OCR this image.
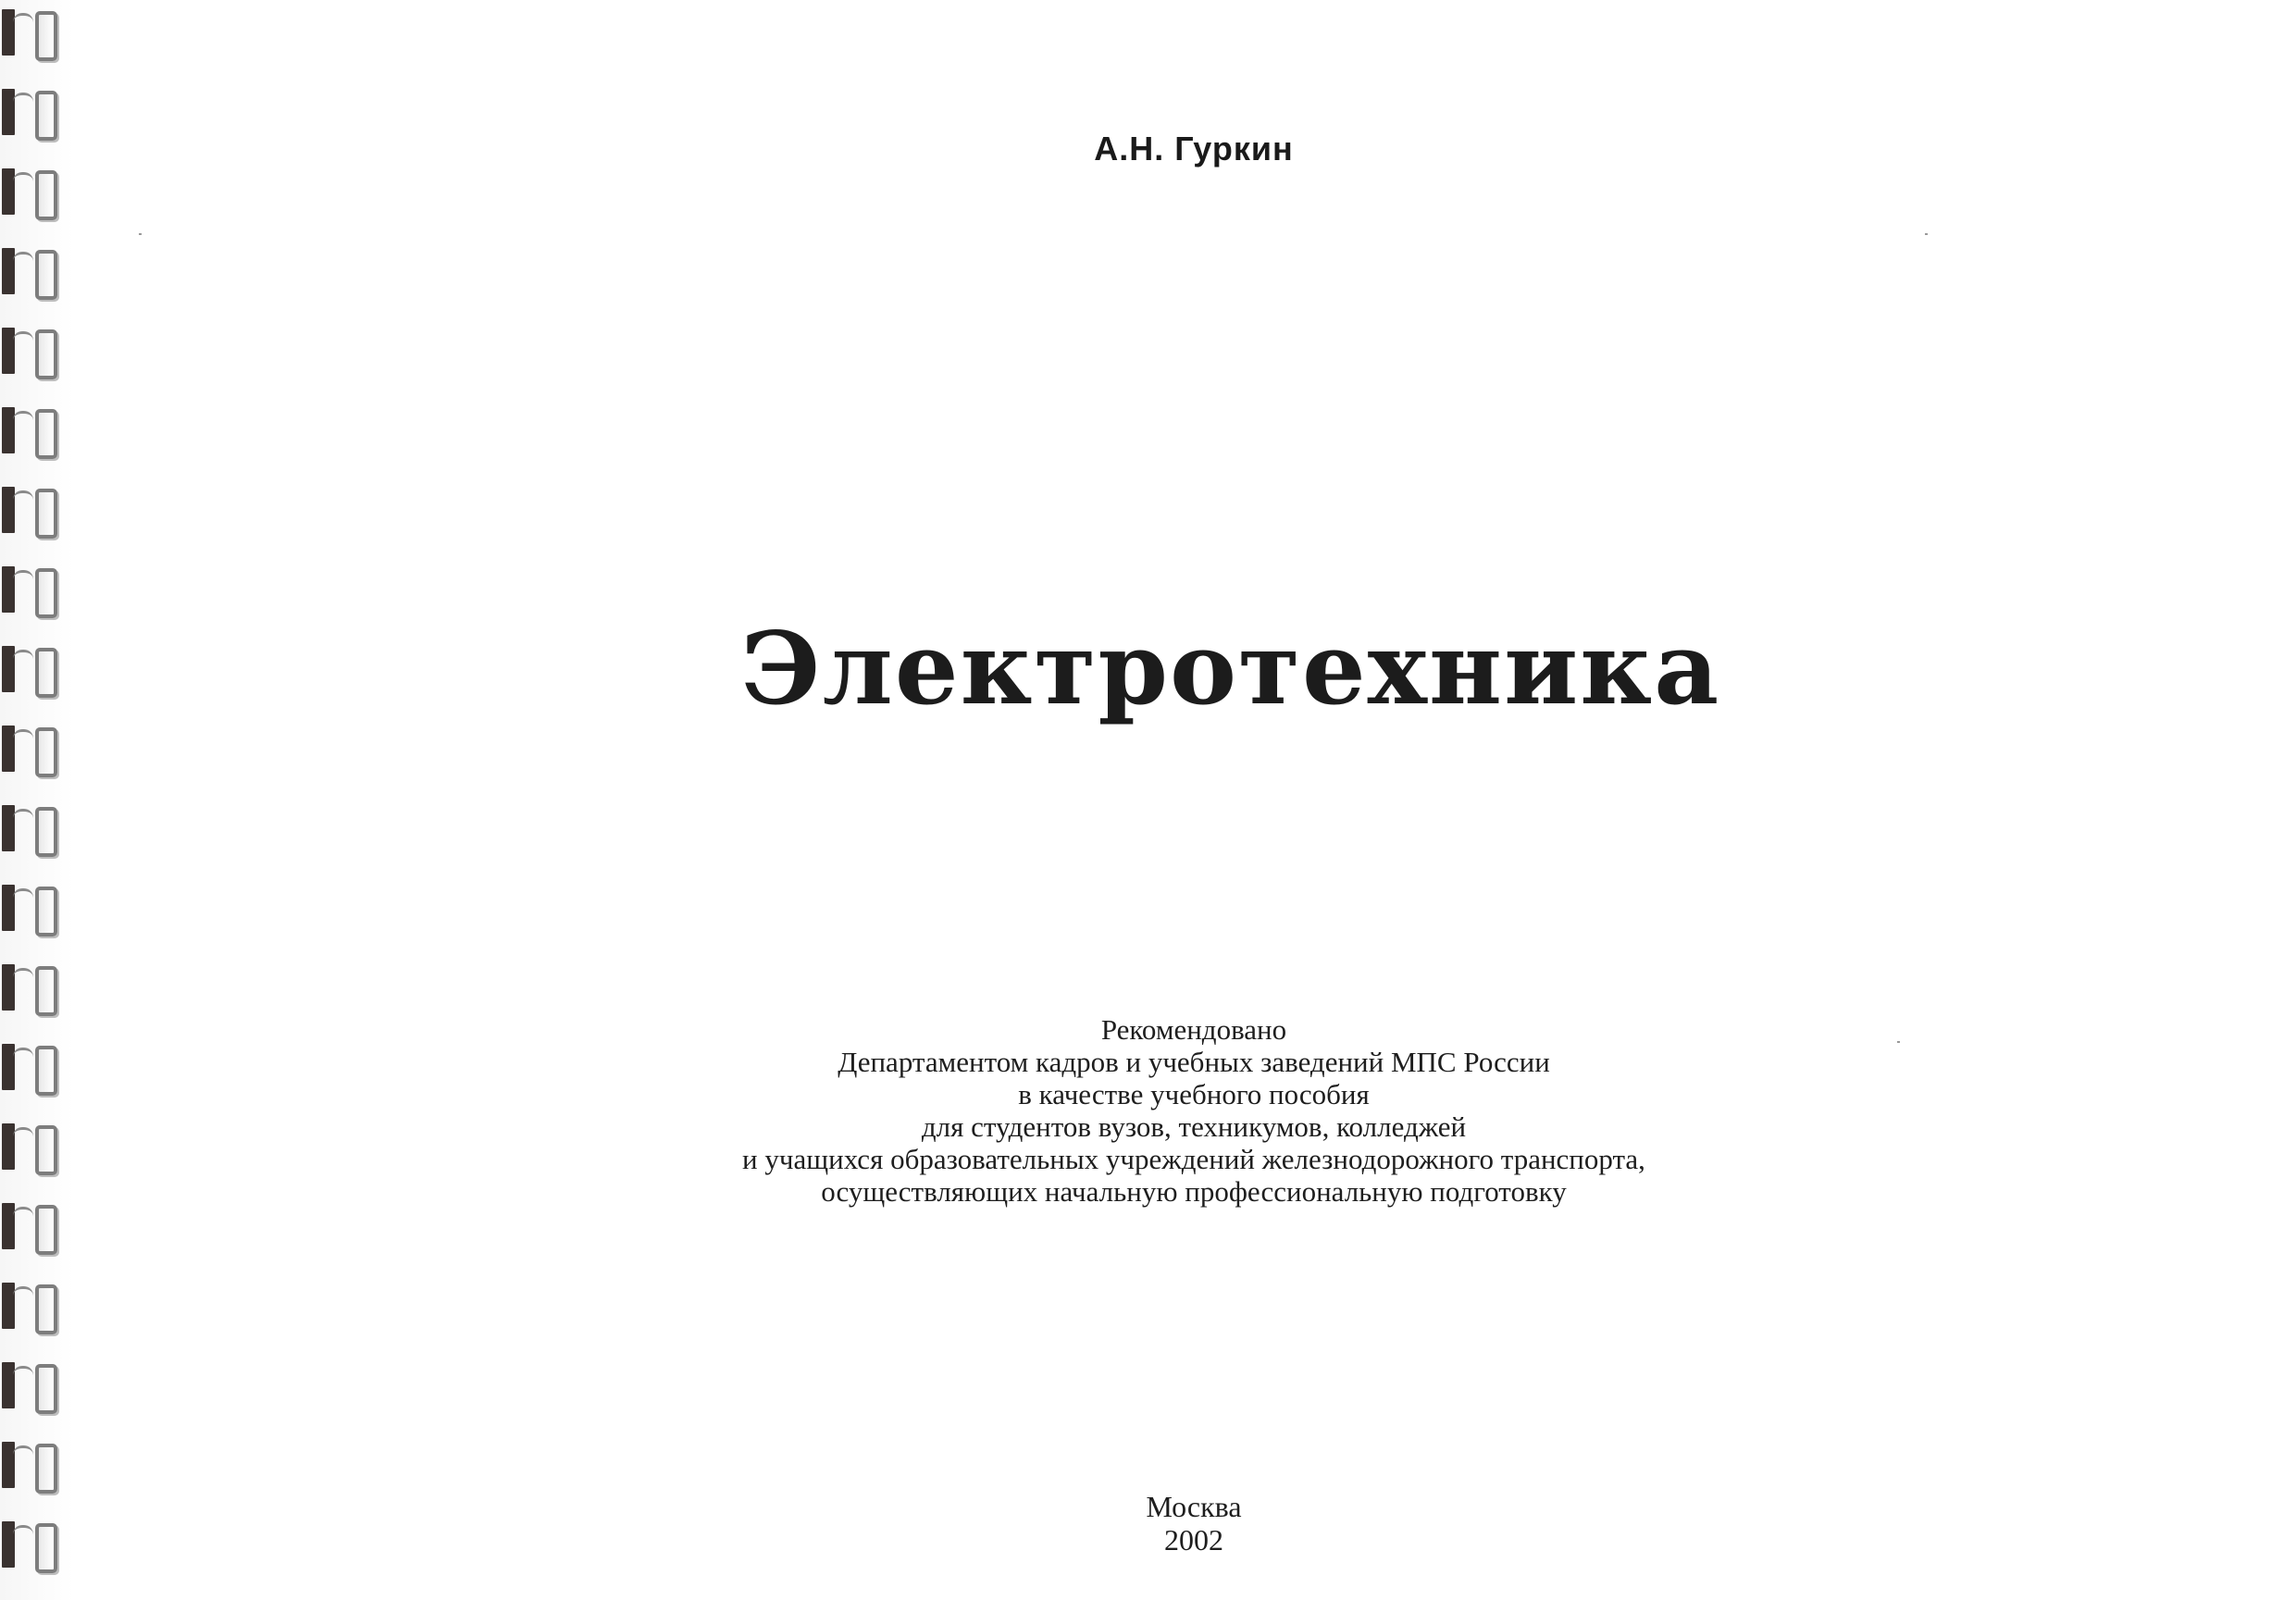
А.Н. Гуркин
Электротехника
Рекомендовано
Департаментом кадров и учебных заведений МПС России
в качестве учебного пособия
для студентов вузов, техникумов, колледжей
и учащихся образовательных учреждений железнодорожного транспорта,
осуществляющих начальную профессиональную подготовку
Москва
2002
